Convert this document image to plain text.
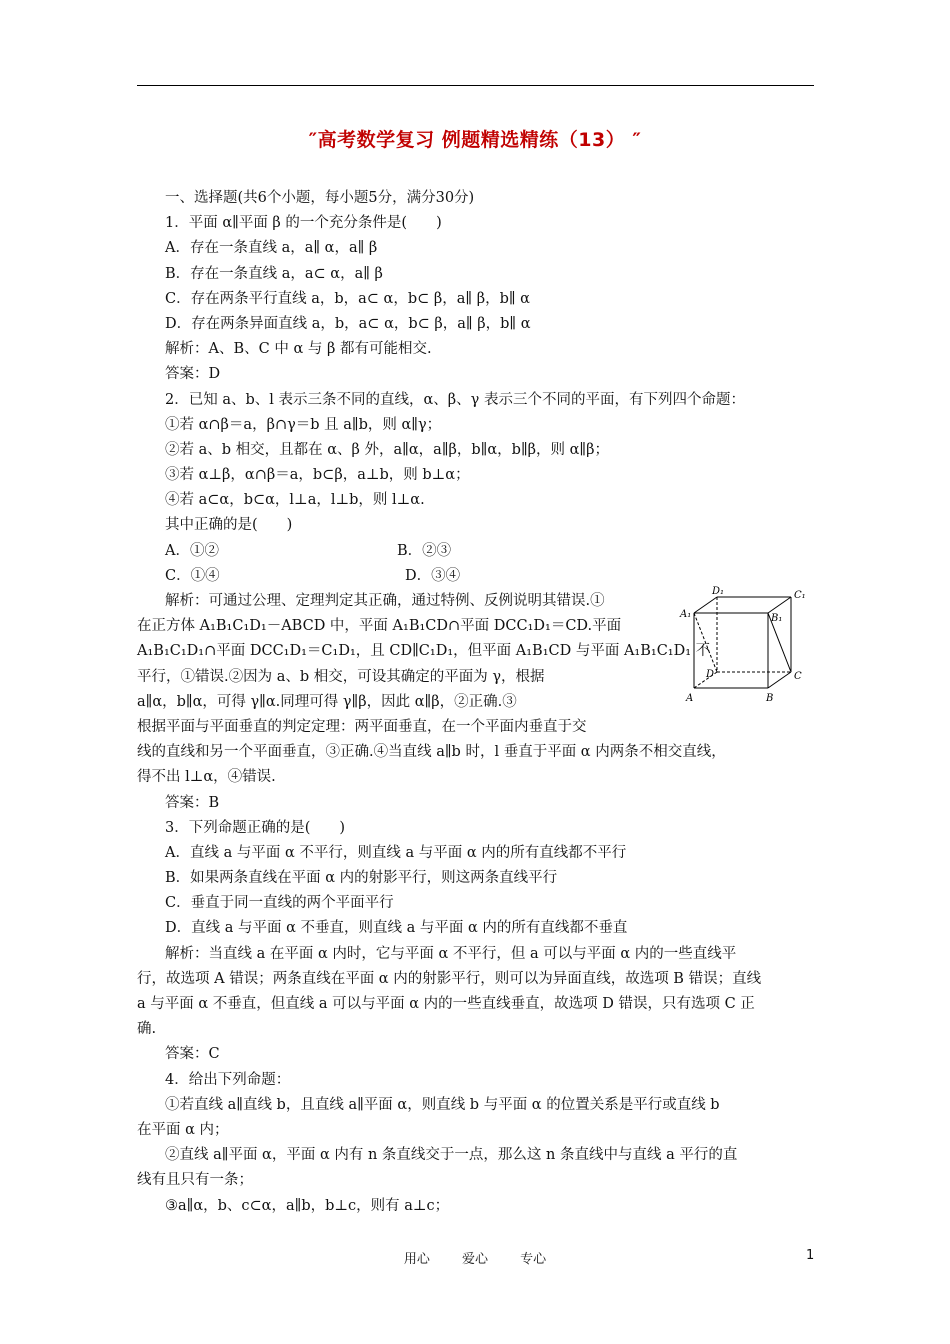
″高考数学复习 例题精选精练（13） ″
一、选择题(共6个小题，每小题5分，满分30分)
1．平面 α∥平面 β 的一个充分条件是(　　)
A．存在一条直线 a，a∥ α，a∥ β
B．存在一条直线 a，a⊂ α，a∥ β
C．存在两条平行直线 a，b，a⊂ α，b⊂ β，a∥ β，b∥ α
D．存在两条异面直线 a，b，a⊂ α，b⊂ β，a∥ β，b∥ α
解析：A、B、C 中 α 与 β 都有可能相交.
答案：D
2．已知 a、b、l 表示三条不同的直线，α、β、γ 表示三个不同的平面，有下列四个命题：
①若 α∩β＝a，β∩γ＝b 且 a∥b，则 α∥γ；
②若 a、b 相交，且都在 α、β 外，a∥α，a∥β，b∥α，b∥β，则 α∥β；
③若 α⊥β，α∩β＝a，b⊂β，a⊥b，则 b⊥α；
④若 a⊂α，b⊂α，l⊥a，l⊥b，则 l⊥α.
其中正确的是(　　)
A．①②	B．②③
C．①④	D．③④
解析：可通过公理、定理判定其正确，通过特例、反例说明其错误.①
在正方体 A₁B₁C₁D₁－ABCD 中，平面 A₁B₁CD∩平面 DCC₁D₁＝CD.平面
A₁B₁C₁D₁∩平面 DCC₁D₁＝C₁D₁，且 CD∥C₁D₁，但平面 A₁B₁CD 与平面 A₁B₁C₁D₁ 不
平行，①错误.②因为 a、b 相交，可设其确定的平面为 γ，根据
a∥α，b∥α，可得 γ∥α.同理可得 γ∥β，因此 α∥β，②正确.③
D₁	C₁
A₁	B₁
D	C
A	B
根据平面与平面垂直的判定定理：两平面垂直，在一个平面内垂直于交
线的直线和另一个平面垂直，③正确.④当直线 a∥b 时，l 垂直于平面 α 内两条不相交直线，
得不出 l⊥α，④错误.
答案：B
3．下列命题正确的是(　　)
A．直线 a 与平面 α 不平行，则直线 a 与平面 α 内的所有直线都不平行
B．如果两条直线在平面 α 内的射影平行，则这两条直线平行
C．垂直于同一直线的两个平面平行
D．直线 a 与平面 α 不垂直，则直线 a 与平面 α 内的所有直线都不垂直
解析：当直线 a 在平面 α 内时，它与平面 α 不平行，但 a 可以与平面 α 内的一些直线平
行，故选项 A 错误；两条直线在平面 α 内的射影平行，则可以为异面直线，故选项 B 错误；直线
a 与平面 α 不垂直，但直线 a 可以与平面 α 内的一些直线垂直，故选项 D 错误，只有选项 C 正
确.
答案：C
4．给出下列命题：
①若直线 a∥直线 b，且直线 a∥平面 α，则直线 b 与平面 α 的位置关系是平行或直线 b
在平面 α 内；
②直线 a∥平面 α，平面 α 内有 n 条直线交于一点，那么这 n 条直线中与直线 a 平行的直
线有且只有一条；
③a∥α，b、c⊂α，a∥b，b⊥c，则有 a⊥c；
用心 爱心 专心	1
